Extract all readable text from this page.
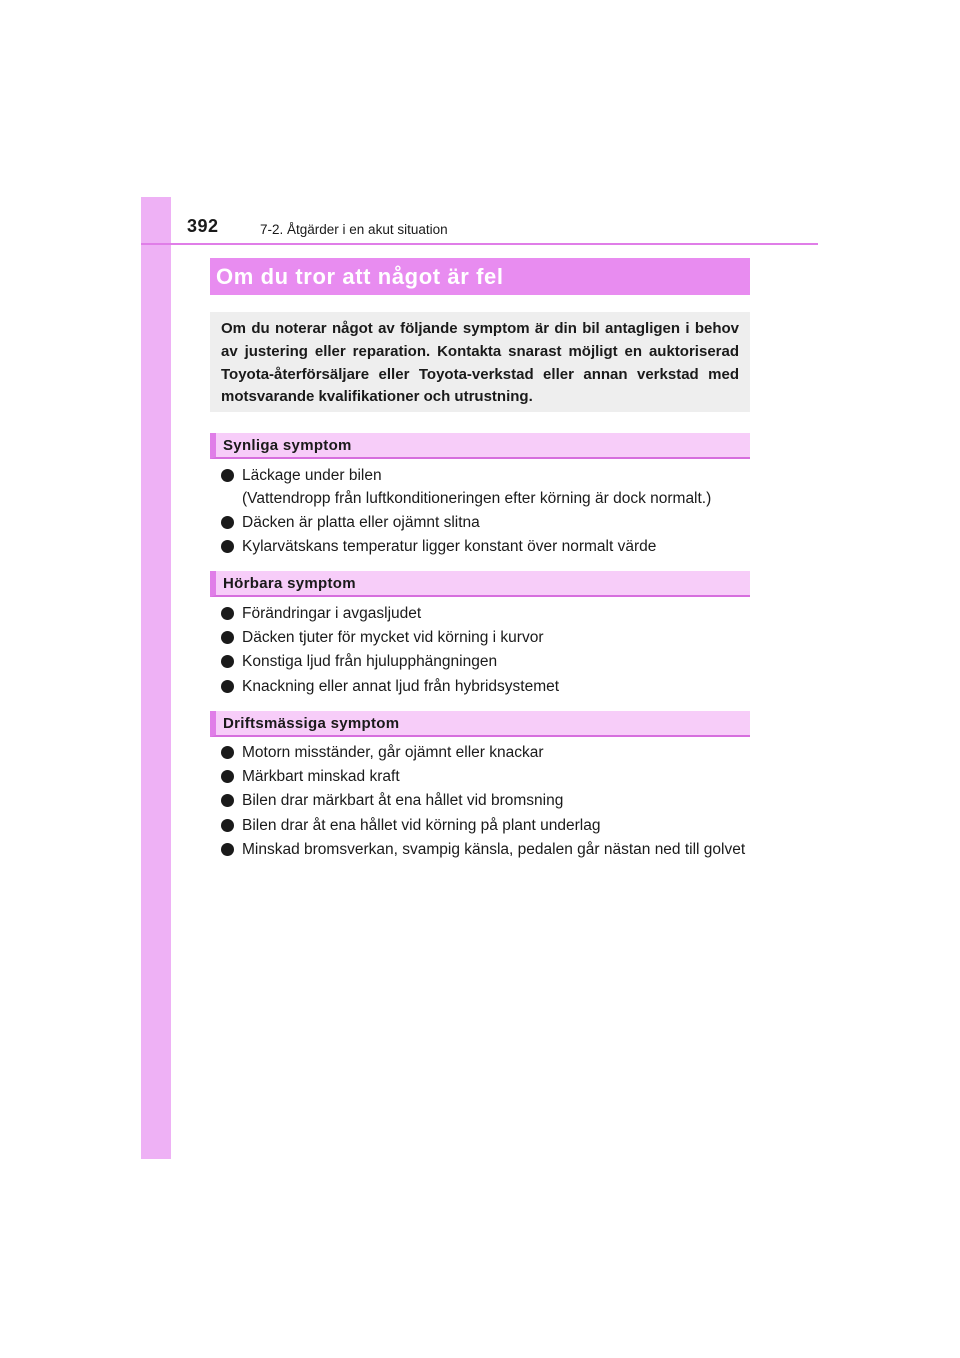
392	7-2. Åtgärder i en akut situation
Om du tror att något är fel

Om du noterar något av följande symptom är din bil antagligen i behov av justering eller reparation. Kontakta snarast möjligt en auktoriserad Toyota-återförsäljare eller Toyota-verkstad eller annan verkstad med motsvarande kvalifikationer och utrustning.

Synliga symptom
Läckage under bilen
(Vattendropp från luftkonditioneringen efter körning är dock normalt.)
Däcken är platta eller ojämnt slitna
Kylarvätskans temperatur ligger konstant över normalt värde
Hörbara symptom
Förändringar i avgasljudet
Däcken tjuter för mycket vid körning i kurvor
Konstiga ljud från hjulupphängningen
Knackning eller annat ljud från hybridsystemet
Driftsmässiga symptom
Motorn misständer, går ojämnt eller knackar
Märkbart minskad kraft
Bilen drar märkbart åt ena hållet vid bromsning
Bilen drar åt ena hållet vid körning på plant underlag
Minskad bromsverkan, svampig känsla, pedalen går nästan ned till golvet
